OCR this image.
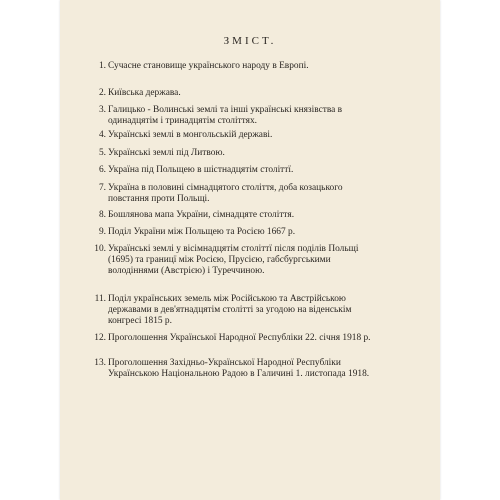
ЗМІСТ.
1. Сучасне становище українського народу в Европі.
2. Київська держава.
3. Галицько - Волинські землі та інші українські князівства в одинадцятім і тринадцятім століттях.
4. Українські землі в монгольській державі.
5. Українські землі під Литвою.
6. Україна під Польщею в шістнадцятім століттї.
7. Україна в половині сімнадцятого століття, доба козацького повстання проти Польщі.
8. Бошлянова мапа України, сімнадцяте століття.
9. Поділ України між Польщею та Росією 1667 р.
10. Українські землі у вісімнадцятім століттї після поділів Польщі (1695) та границї між Росією, Прусією, габсбургськими володіннями (Австрією) і Туреччиною.
11. Поділ українських земель між Російською та Австрійською державами в дев'ятнадцятім столітті за угодою на віденськім конгресі 1815 р.
12. Проголошення Української Народної Республіки 22. січня 1918 р.
13. Проголошення Західньо-Української Народної Республіки Українською Національною Радою в Галичині 1. листопада 1918.
